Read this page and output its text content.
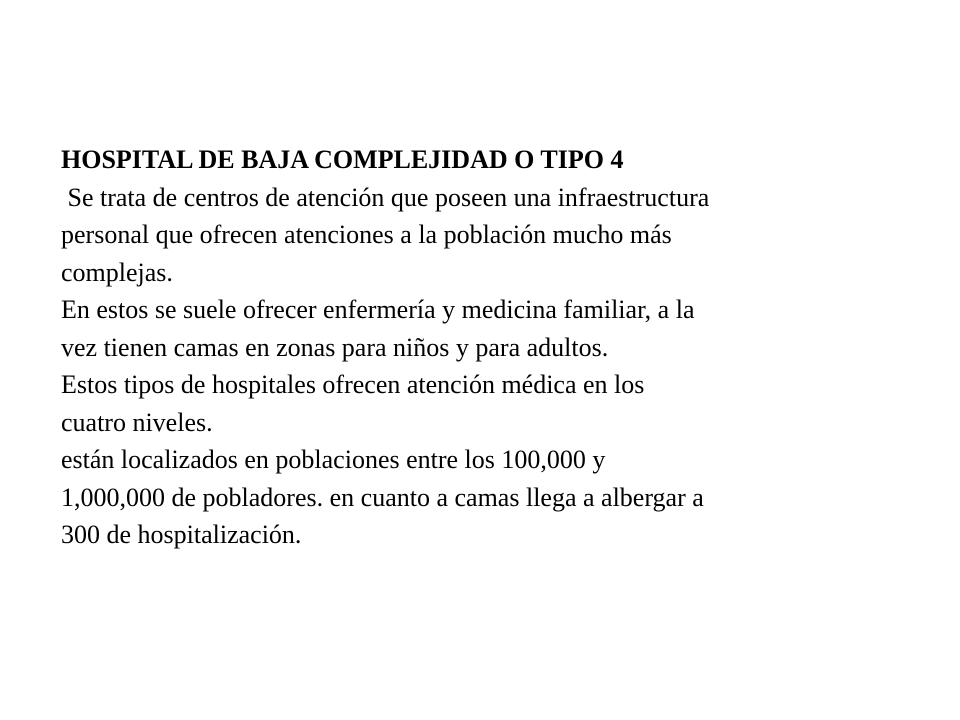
HOSPITAL DE BAJA COMPLEJIDAD O TIPO 4
Se trata de centros de atención que poseen una infraestructura
personal que ofrecen atenciones a la población mucho más
complejas.
En estos se suele ofrecer enfermería y medicina familiar, a la
vez tienen camas en zonas para niños y para adultos.
Estos tipos de hospitales ofrecen atención médica en los
cuatro niveles.
están localizados en poblaciones entre los 100,000 y
1,000,000 de pobladores. en cuanto a camas llega a albergar a
300 de hospitalización.
